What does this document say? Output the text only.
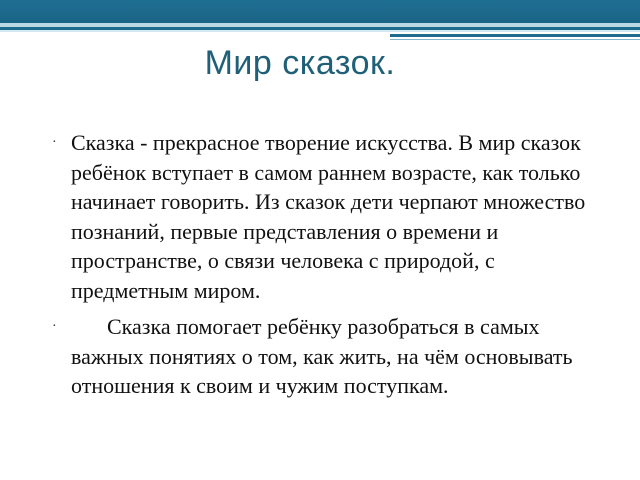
Мир сказок.
· Сказка - прекрасное творение искусства. В мир сказок ребёнок вступает в самом раннем возрасте, как только начинает говорить. Из сказок дети черпают множество познаний, первые представления о времени и пространстве, о связи человека с природой, с предметным миром.
· Сказка помогает ребёнку разобраться в самых важных понятиях о том, как жить, на чём основывать отношения к своим и чужим поступкам.
